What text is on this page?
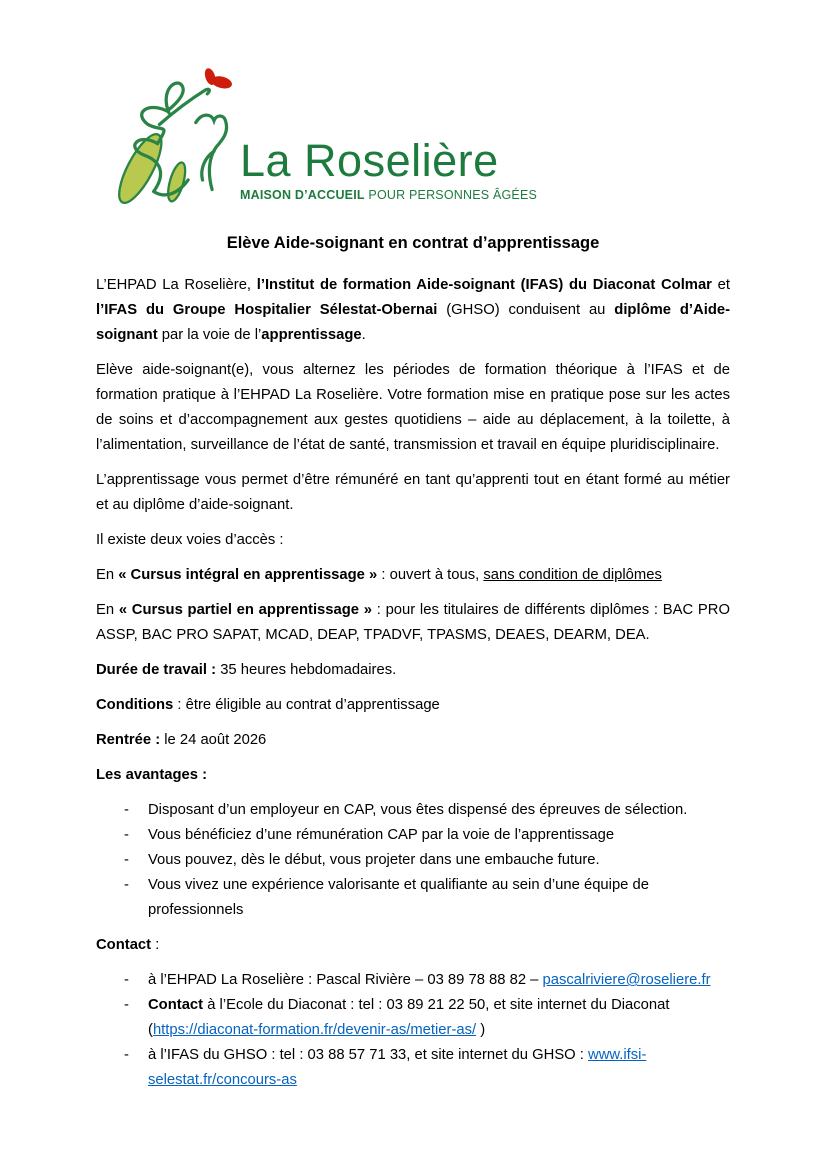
La Roselière
MAISON D’ACCUEIL POUR PERSONNES ÂGÉES
Elève Aide-soignant en contrat d’apprentissage
L’EHPAD La Roselière, l’Institut de formation Aide-soignant (IFAS) du Diaconat Colmar et l’IFAS du Groupe Hospitalier Sélestat-Obernai (GHSO) conduisent au diplôme d’Aide-soignant par la voie de l’apprentissage.
Elève aide-soignant(e), vous alternez les périodes de formation théorique à l’IFAS et de formation pratique à l’EHPAD La Roselière. Votre formation mise en pratique pose sur les actes de soins et d’accompagnement aux gestes quotidiens – aide au déplacement, à la toilette, à l’alimentation, surveillance de l’état de santé, transmission et travail en équipe pluridisciplinaire.
L’apprentissage vous permet d’être rémunéré en tant qu’apprenti tout en étant formé au métier et au diplôme d’aide-soignant.
Il existe deux voies d’accès :
En « Cursus intégral en apprentissage » : ouvert à tous, sans condition de diplômes
En « Cursus partiel en apprentissage » : pour les titulaires de différents diplômes : BAC PRO ASSP, BAC PRO SAPAT, MCAD, DEAP, TPADVF, TPASMS, DEAES, DEARM, DEA.
Durée de travail : 35 heures hebdomadaires.
Conditions : être éligible au contrat d’apprentissage
Rentrée : le 24 août 2026
Les avantages :
-	Disposant d’un employeur en CAP, vous êtes dispensé des épreuves de sélection.
-	Vous bénéficiez d’une rémunération CAP par la voie de l’apprentissage
-	Vous pouvez, dès le début, vous projeter dans une embauche future.
-	Vous vivez une expérience valorisante et qualifiante au sein d’une équipe de professionnels
Contact :
-	à l’EHPAD La Roselière : Pascal Rivière – 03 89 78 88 82 – pascalriviere@roseliere.fr
-	Contact à l’Ecole du Diaconat : tel : 03 89 21 22 50, et site internet du Diaconat (https://diaconat-formation.fr/devenir-as/metier-as/ )
-	à l’IFAS du GHSO : tel : 03 88 57 71 33, et site internet du GHSO : www.ifsi-selestat.fr/concours-as
